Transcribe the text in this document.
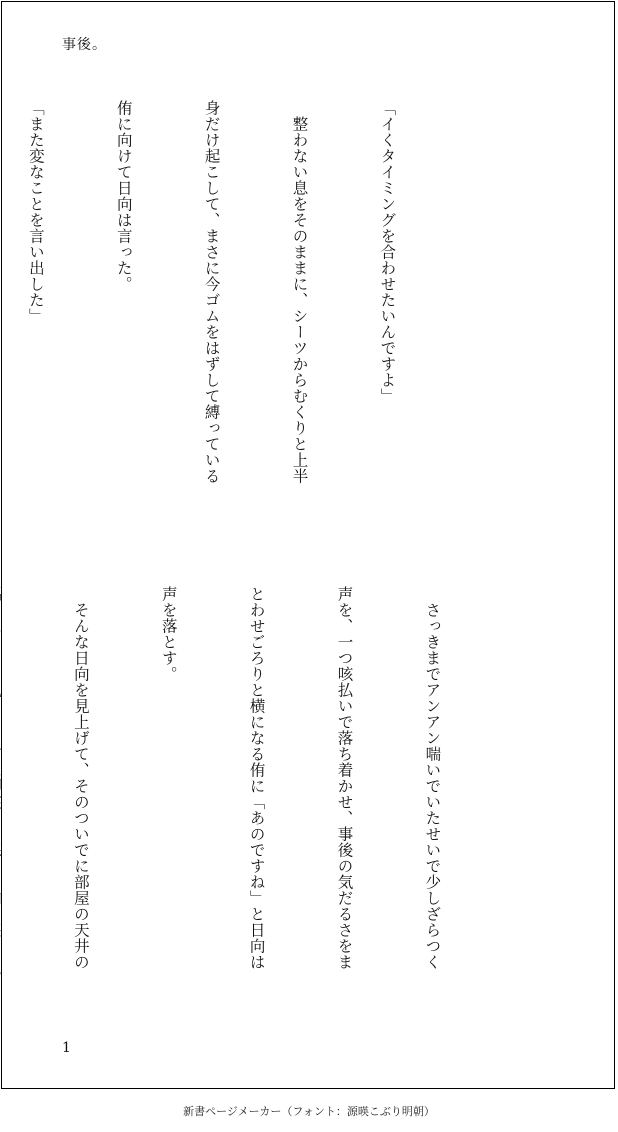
事後。

「イくタイミングを合わせたいんですよ」

　整わない息をそのままに、シーツからむくりと上半

身だけ起こして、まさに今ゴムをはずして縛っている

侑に向けて日向は言った。

「また変なことを言い出した」

　さっきまでアンアン喘いでいたせいで少しざらつく

声を、一つ咳払いで落ち着かせ、事後の気だるさをま

とわせごろりと横になる侑に「あのですね」と日向は

声を落とす。

　そんな日向を見上げて、そのついでに部屋の天井の

1
新書ページメーカー（フォント：源暎こぶり明朝）
